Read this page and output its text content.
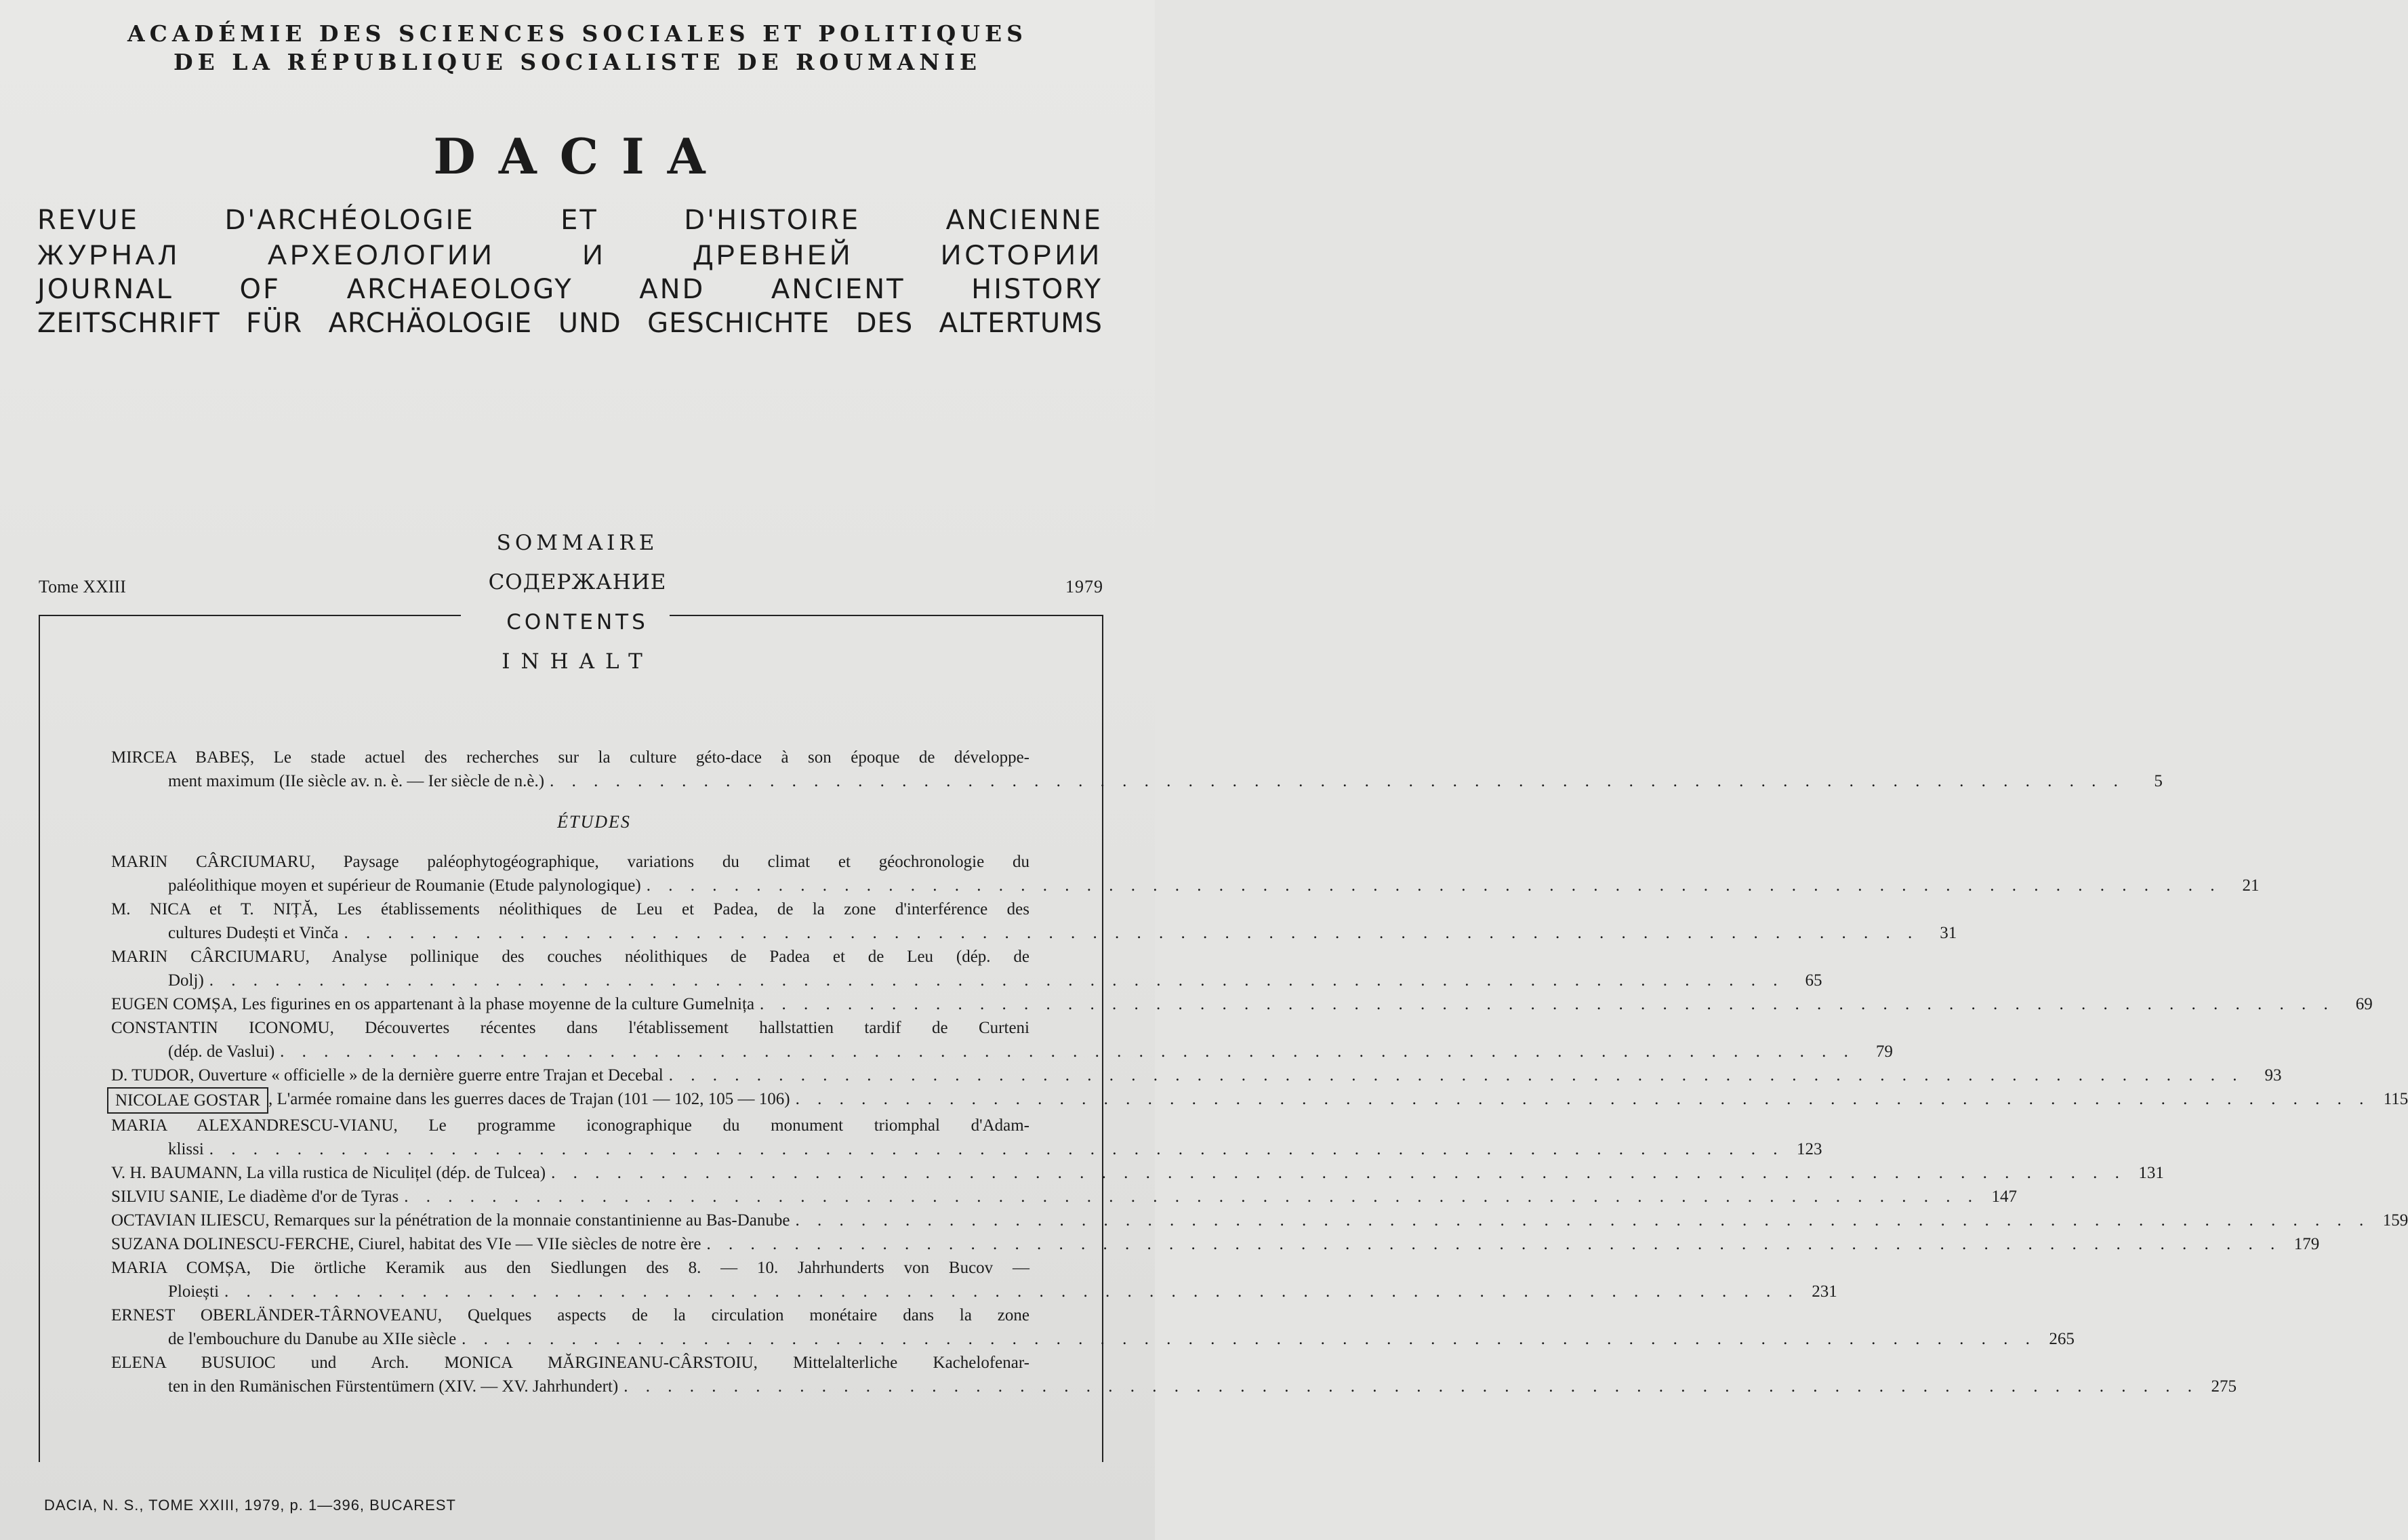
ACADÉMIE DES SCIENCES SOCIALES ET POLITIQUES
DE LA RÉPUBLIQUE SOCIALISTE DE ROUMANIE
DACIA
REVUE D'ARCHÉOLOGIE ET D'HISTOIRE ANCIENNE
ЖУРНАЛ АРХЕОЛОГИИ И ДРЕВНЕЙ ИСТОРИИ
JOURNAL OF ARCHAEOLOGY AND ANCIENT HISTORY
ZEITSCHRIFT FÜR ARCHÄOLOGIE UND GESCHICHTE DES ALTERTUMS
SOMMAIRE
СОДЕРЖАНИЕ
CONTENTS
INHALT
Tome XXIII	1979
MIRCEA BABEȘ, Le stade actuel des recherches sur la culture géto-dace à son époque de développe-
ment maximum (IIe siècle av. n. è. — Ier siècle de n.è.) . . . . . . . . . . . . . . . . . . . . . . . . . . . . . . . . . . . . . . . . . . . . . . . . . . . . . . . . . . . . . . . . . . . . . . . .	5
ÉTUDES
MARIN CÂRCIUMARU, Paysage paléophytogéographique, variations du climat et géochronologie du
paléolithique moyen et supérieur de Roumanie (Etude palynologique) . . . . . . . . . . . . . . . . . . . . . . . . . . . . . . . . . . . . . . . . . . . . . . . . . . . . . . . . . . . . . . . . . . . . . . . .	21
M. NICA et T. NIȚĂ, Les établissements néolithiques de Leu et Padea, de la zone d'interférence des
cultures Dudești et Vinča . . . . . . . . . . . . . . . . . . . . . . . . . . . . . . . . . . . . . . . . . . . . . . . . . . . . . . . . . . . . . . . . . . . . . . . .	31
MARIN CÂRCIUMARU, Analyse pollinique des couches néolithiques de Padea et de Leu (dép. de
Dolj) . . . . . . . . . . . . . . . . . . . . . . . . . . . . . . . . . . . . . . . . . . . . . . . . . . . . . . . . . . . . . . . . . . . . . . . .	65
EUGEN COMȘA, Les figurines en os appartenant à la phase moyenne de la culture Gumelnița . . . . . . . . . . . . . . . . . . . . . . . . . . . . . . . . . . . . . . . . . . . . . . . . . . . . . . . . . . . . . . . . . . . . . . . .	69
CONSTANTIN ICONOMU, Découvertes récentes dans l'établissement hallstattien tardif de Curteni
(dép. de Vaslui) . . . . . . . . . . . . . . . . . . . . . . . . . . . . . . . . . . . . . . . . . . . . . . . . . . . . . . . . . . . . . . . . . . . . . . . .	79
D. TUDOR, Ouverture « officielle » de la dernière guerre entre Trajan et Decebal . . . . . . . . . . . . . . . . . . . . . . . . . . . . . . . . . . . . . . . . . . . . . . . . . . . . . . . . . . . . . . . . . . . . . . . .	93
NICOLAE GOSTAR , L'armée romaine dans les guerres daces de Trajan (101 — 102, 105 — 106) . . . . . . . . . . . . . . . . . . . . . . . . . . . . . . . . . . . . . . . . . . . . . . . . . . . . . . . . . . . . . . . . . . . . . . . . 115
MARIA ALEXANDRESCU-VIANU, Le programme iconographique du monument triomphal d'Adam-
klissi . . . . . . . . . . . . . . . . . . . . . . . . . . . . . . . . . . . . . . . . . . . . . . . . . . . . . . . . . . . . . . . . . . . . . . . . 123
V. H. BAUMANN, La villa rustica de Niculițel (dép. de Tulcea) . . . . . . . . . . . . . . . . . . . . . . . . . . . . . . . . . . . . . . . . . . . . . . . . . . . . . . . . . . . . . . . . . . . . . . . . 131
SILVIU SANIE, Le diadème d'or de Tyras . . . . . . . . . . . . . . . . . . . . . . . . . . . . . . . . . . . . . . . . . . . . . . . . . . . . . . . . . . . . . . . . . . . . . . . . 147
OCTAVIAN ILIESCU, Remarques sur la pénétration de la monnaie constantinienne au Bas-Danube . . . . . . . . . . . . . . . . . . . . . . . . . . . . . . . . . . . . . . . . . . . . . . . . . . . . . . . . . . . . . . . . . . . . . . . . 159
SUZANA DOLINESCU-FERCHE, Ciurel, habitat des VIe — VIIe siècles de notre ère . . . . . . . . . . . . . . . . . . . . . . . . . . . . . . . . . . . . . . . . . . . . . . . . . . . . . . . . . . . . . . . . . . . . . . . . 179
MARIA COMȘA, Die örtliche Keramik aus den Siedlungen des 8. — 10. Jahrhunderts von Bucov —
Ploiești . . . . . . . . . . . . . . . . . . . . . . . . . . . . . . . . . . . . . . . . . . . . . . . . . . . . . . . . . . . . . . . . . . . . . . . . 231
ERNEST OBERLÄNDER-TÂRNOVEANU, Quelques aspects de la circulation monétaire dans la zone
de l'embouchure du Danube au XIIe siècle . . . . . . . . . . . . . . . . . . . . . . . . . . . . . . . . . . . . . . . . . . . . . . . . . . . . . . . . . . . . . . . . . . . . . . . . 265
ELENA BUSUIOC und Arch. MONICA MĂRGINEANU-CÂRSTOIU, Mittelalterliche Kachelofenar-
ten in den Rumänischen Fürstentümern (XIV. — XV. Jahrhundert) . . . . . . . . . . . . . . . . . . . . . . . . . . . . . . . . . . . . . . . . . . . . . . . . . . . . . . . . . . . . . . . . . . . . . . . . 275
DACIA, N. S., TOME XXIII, 1979, p. 1—396, BUCAREST
